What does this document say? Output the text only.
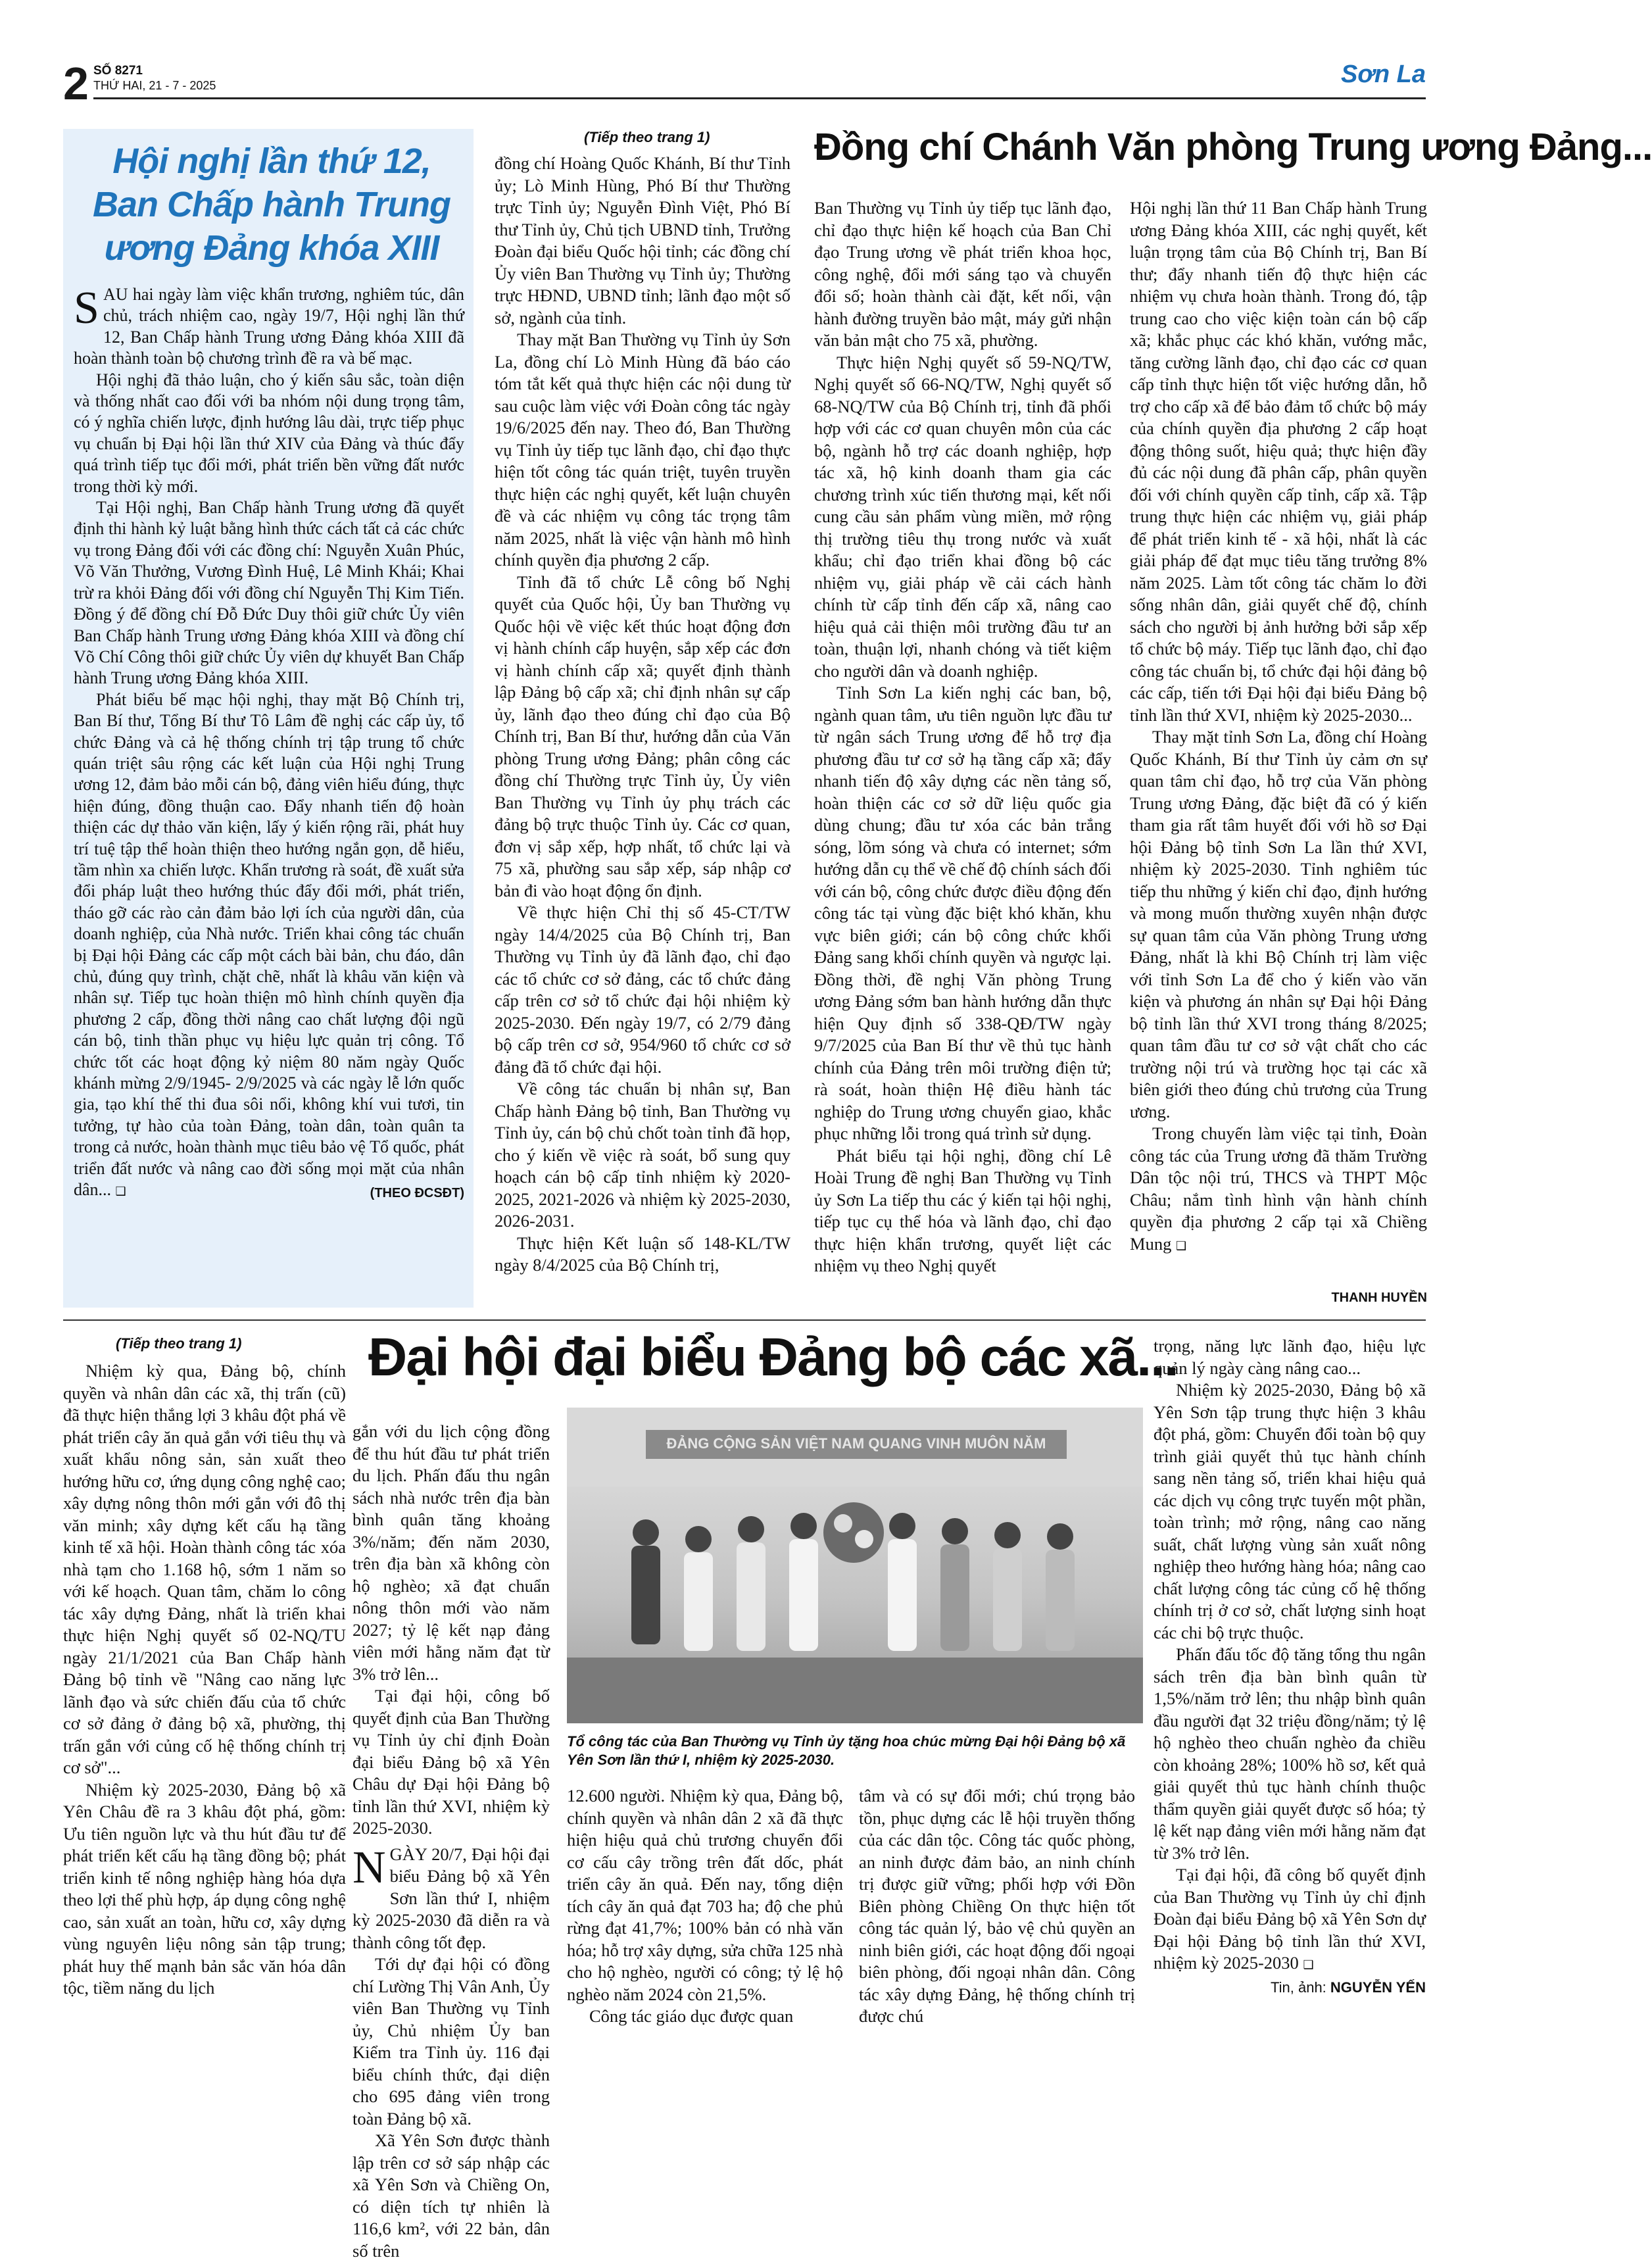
2 SỐ 8271
THỨ HAI, 21 - 7 - 2025	Sơn La
Hội nghị lần thứ 12, Ban Chấp hành Trung ương Đảng khóa XIII

SAU hai ngày làm việc khẩn trương, nghiêm túc, dân chủ, trách nhiệm cao, ngày 19/7, Hội nghị lần thứ 12, Ban Chấp hành Trung ương Đảng khóa XIII đã hoàn thành toàn bộ chương trình đề ra và bế mạc.

Hội nghị đã thảo luận, cho ý kiến sâu sắc, toàn diện và thống nhất cao đối với ba nhóm nội dung trọng tâm, có ý nghĩa chiến lược, định hướng lâu dài, trực tiếp phục vụ chuẩn bị Đại hội lần thứ XIV của Đảng và thúc đẩy quá trình tiếp tục đổi mới, phát triển bền vững đất nước trong thời kỳ mới.

Tại Hội nghị, Ban Chấp hành Trung ương đã quyết định thi hành kỷ luật bằng hình thức cách tất cả các chức vụ trong Đảng đối với các đồng chí: Nguyễn Xuân Phúc, Võ Văn Thưởng, Vương Đình Huệ, Lê Minh Khái; Khai trừ ra khỏi Đảng đối với đồng chí Nguyễn Thị Kim Tiến. Đồng ý để đồng chí Đỗ Đức Duy thôi giữ chức Ủy viên Ban Chấp hành Trung ương Đảng khóa XIII và đồng chí Võ Chí Công thôi giữ chức Ủy viên dự khuyết Ban Chấp hành Trung ương Đảng khóa XIII.

Phát biểu bế mạc hội nghị, thay mặt Bộ Chính trị, Ban Bí thư, Tổng Bí thư Tô Lâm đề nghị các cấp ủy, tổ chức Đảng và cả hệ thống chính trị tập trung tổ chức quán triệt sâu rộng các kết luận của Hội nghị Trung ương 12, đảm bảo mỗi cán bộ, đảng viên hiểu đúng, thực hiện đúng, đồng thuận cao. Đẩy nhanh tiến độ hoàn thiện các dự thảo văn kiện, lấy ý kiến rộng rãi, phát huy trí tuệ tập thể hoàn thiện theo hướng ngắn gọn, dễ hiểu, tầm nhìn xa chiến lược. Khẩn trương rà soát, đề xuất sửa đổi pháp luật theo hướng thúc đẩy đổi mới, phát triển, tháo gỡ các rào cản đảm bảo lợi ích của người dân, của doanh nghiệp, của Nhà nước. Triển khai công tác chuẩn bị Đại hội Đảng các cấp một cách bài bản, chu đáo, dân chủ, đúng quy trình, chặt chẽ, nhất là khâu văn kiện và nhân sự. Tiếp tục hoàn thiện mô hình chính quyền địa phương 2 cấp, đồng thời nâng cao chất lượng đội ngũ cán bộ, tinh thần phục vụ hiệu lực quản trị công. Tổ chức tốt các hoạt động kỷ niệm 80 năm ngày Quốc khánh mừng 2/9/1945- 2/9/2025 và các ngày lễ lớn quốc gia, tạo khí thế thi đua sôi nổi, không khí vui tươi, tin tưởng, tự hào của toàn Đảng, toàn dân, toàn quân ta trong cả nước, hoàn thành mục tiêu bảo vệ Tổ quốc, phát triển đất nước và nâng cao đời sống mọi mặt của nhân dân... ❑	(THEO ĐCSĐT)
(Tiếp theo trang 1)	Đồng chí Chánh Văn phòng Trung ương Đảng...

đồng chí Hoàng Quốc Khánh, Bí thư Tỉnh ủy; Lò Minh Hùng, Phó Bí thư Thường trực Tỉnh ủy; Nguyễn Đình Việt, Phó Bí thư Tỉnh ủy, Chủ tịch UBND tỉnh, Trưởng Đoàn đại biểu Quốc hội tỉnh; các đồng chí Ủy viên Ban Thường vụ Tỉnh ủy; Thường trực HĐND, UBND tỉnh; lãnh đạo một số sở, ngành của tỉnh.

Thay mặt Ban Thường vụ Tỉnh ủy Sơn La, đồng chí Lò Minh Hùng đã báo cáo tóm tắt kết quả thực hiện các nội dung từ sau cuộc làm việc với Đoàn công tác ngày 19/6/2025 đến nay. Theo đó, Ban Thường vụ Tỉnh ủy tiếp tục lãnh đạo, chỉ đạo thực hiện tốt công tác quán triệt, tuyên truyền thực hiện các nghị quyết, kết luận chuyên đề và các nhiệm vụ công tác trọng tâm năm 2025, nhất là việc vận hành mô hình chính quyền địa phương 2 cấp.

Tỉnh đã tổ chức Lễ công bố Nghị quyết của Quốc hội, Ủy ban Thường vụ Quốc hội về việc kết thúc hoạt động đơn vị hành chính cấp huyện, sắp xếp các đơn vị hành chính cấp xã; quyết định thành lập Đảng bộ cấp xã; chỉ định nhân sự cấp ủy, lãnh đạo theo đúng chỉ đạo của Bộ Chính trị, Ban Bí thư, hướng dẫn của Văn phòng Trung ương Đảng; phân công các đồng chí Thường trực Tỉnh ủy, Ủy viên Ban Thường vụ Tỉnh ủy phụ trách các đảng bộ trực thuộc Tỉnh ủy. Các cơ quan, đơn vị sắp xếp, hợp nhất, tổ chức lại và 75 xã, phường sau sắp xếp, sáp nhập cơ bản đi vào hoạt động ổn định.

Về thực hiện Chỉ thị số 45-CT/TW ngày 14/4/2025 của Bộ Chính trị, Ban Thường vụ Tỉnh ủy đã lãnh đạo, chỉ đạo các tổ chức cơ sở đảng, các tổ chức đảng cấp trên cơ sở tổ chức đại hội nhiệm kỳ 2025-2030. Đến ngày 19/7, có 2/79 đảng bộ cấp trên cơ sở, 954/960 tổ chức cơ sở đảng đã tổ chức đại hội.

Về công tác chuẩn bị nhân sự, Ban Chấp hành Đảng bộ tỉnh, Ban Thường vụ Tỉnh ủy, cán bộ chủ chốt toàn tỉnh đã họp, cho ý kiến về việc rà soát, bổ sung quy hoạch cán bộ cấp tỉnh nhiệm kỳ 2020-2025, 2021-2026 và nhiệm kỳ 2025-2030, 2026-2031.

Thực hiện Kết luận số 148-KL/TW ngày 8/4/2025 của Bộ Chính trị,

Ban Thường vụ Tỉnh ủy tiếp tục lãnh đạo, chỉ đạo thực hiện kế hoạch của Ban Chỉ đạo Trung ương về phát triển khoa học, công nghệ, đổi mới sáng tạo và chuyển đổi số; hoàn thành cài đặt, kết nối, vận hành đường truyền bảo mật, máy gửi nhận văn bản mật cho 75 xã, phường.

Thực hiện Nghị quyết số 59-NQ/TW, Nghị quyết số 66-NQ/TW, Nghị quyết số 68-NQ/TW của Bộ Chính trị, tỉnh đã phối hợp với các cơ quan chuyên môn của các bộ, ngành hỗ trợ các doanh nghiệp, hợp tác xã, hộ kinh doanh tham gia các chương trình xúc tiến thương mại, kết nối cung cầu sản phẩm vùng miền, mở rộng thị trường tiêu thụ trong nước và xuất khẩu; chỉ đạo triển khai đồng bộ các nhiệm vụ, giải pháp về cải cách hành chính từ cấp tỉnh đến cấp xã, nâng cao hiệu quả cải thiện môi trường đầu tư an toàn, thuận lợi, nhanh chóng và tiết kiệm cho người dân và doanh nghiệp.

Tỉnh Sơn La kiến nghị các ban, bộ, ngành quan tâm, ưu tiên nguồn lực đầu tư từ ngân sách Trung ương để hỗ trợ địa phương đầu tư cơ sở hạ tầng cấp xã; đẩy nhanh tiến độ xây dựng các nền tảng số, hoàn thiện các cơ sở dữ liệu quốc gia dùng chung; đầu tư xóa các bản trắng sóng, lõm sóng và chưa có internet; sớm hướng dẫn cụ thể về chế độ chính sách đối với cán bộ, công chức được điều động đến công tác tại vùng đặc biệt khó khăn, khu vực biên giới; cán bộ công chức khối Đảng sang khối chính quyền và ngược lại. Đồng thời, đề nghị Văn phòng Trung ương Đảng sớm ban hành hướng dẫn thực hiện Quy định số 338-QĐ/TW ngày 9/7/2025 của Ban Bí thư về thủ tục hành chính của Đảng trên môi trường điện tử; rà soát, hoàn thiện Hệ điều hành tác nghiệp do Trung ương chuyển giao, khắc phục những lỗi trong quá trình sử dụng.

Phát biểu tại hội nghị, đồng chí Lê Hoài Trung đề nghị Ban Thường vụ Tỉnh ủy Sơn La tiếp thu các ý kiến tại hội nghị, tiếp tục cụ thể hóa và lãnh đạo, chỉ đạo thực hiện khẩn trương, quyết liệt các nhiệm vụ theo Nghị quyết

Hội nghị lần thứ 11 Ban Chấp hành Trung ương Đảng khóa XIII, các nghị quyết, kết luận trọng tâm của Bộ Chính trị, Ban Bí thư; đẩy nhanh tiến độ thực hiện các nhiệm vụ chưa hoàn thành. Trong đó, tập trung cao cho việc kiện toàn cán bộ cấp xã; khắc phục các khó khăn, vướng mắc, tăng cường lãnh đạo, chỉ đạo các cơ quan cấp tỉnh thực hiện tốt việc hướng dẫn, hỗ trợ cho cấp xã để bảo đảm tổ chức bộ máy của chính quyền địa phương 2 cấp hoạt động thông suốt, hiệu quả; thực hiện đầy đủ các nội dung đã phân cấp, phân quyền đối với chính quyền cấp tỉnh, cấp xã. Tập trung thực hiện các nhiệm vụ, giải pháp để phát triển kinh tế - xã hội, nhất là các giải pháp để đạt mục tiêu tăng trưởng 8% năm 2025. Làm tốt công tác chăm lo đời sống nhân dân, giải quyết chế độ, chính sách cho người bị ảnh hưởng bởi sắp xếp tổ chức bộ máy. Tiếp tục lãnh đạo, chỉ đạo công tác chuẩn bị, tổ chức đại hội đảng bộ các cấp, tiến tới Đại hội đại biểu Đảng bộ tỉnh lần thứ XVI, nhiệm kỳ 2025-2030...

Thay mặt tỉnh Sơn La, đồng chí Hoàng Quốc Khánh, Bí thư Tỉnh ủy cảm ơn sự quan tâm chỉ đạo, hỗ trợ của Văn phòng Trung ương Đảng, đặc biệt đã có ý kiến tham gia rất tâm huyết đối với hồ sơ Đại hội Đảng bộ tỉnh Sơn La lần thứ XVI, nhiệm kỳ 2025-2030. Tỉnh nghiêm túc tiếp thu những ý kiến chỉ đạo, định hướng và mong muốn thường xuyên nhận được sự quan tâm của Văn phòng Trung ương Đảng, nhất là khi Bộ Chính trị làm việc với tỉnh Sơn La để cho ý kiến vào văn kiện và phương án nhân sự Đại hội Đảng bộ tỉnh lần thứ XVI trong tháng 8/2025; quan tâm đầu tư cơ sở vật chất cho các trường nội trú và trường học tại các xã biên giới theo đúng chủ trương của Trung ương.

Trong chuyến làm việc tại tỉnh, Đoàn công tác của Trung ương đã thăm Trường Dân tộc nội trú, THCS và THPT Mộc Châu; nắm tình hình vận hành chính quyền địa phương 2 cấp tại xã Chiềng Mung ❑

THANH HUYỀN
(Tiếp theo trang 1) Đại hội đại biểu Đảng bộ các xã...

Nhiệm kỳ qua, Đảng bộ, chính quyền và nhân dân các xã, thị trấn (cũ) đã thực hiện thắng lợi 3 khâu đột phá về phát triển cây ăn quả gắn với tiêu thụ và xuất khẩu nông sản, sản xuất theo hướng hữu cơ, ứng dụng công nghệ cao; xây dựng nông thôn mới gắn với đô thị văn minh; xây dựng kết cấu hạ tầng kinh tế xã hội. Hoàn thành công tác xóa nhà tạm cho 1.168 hộ, sớm 1 năm so với kế hoạch. Quan tâm, chăm lo công tác xây dựng Đảng, nhất là triển khai thực hiện Nghị quyết số 02-NQ/TU ngày 21/1/2021 của Ban Chấp hành Đảng bộ tỉnh về "Nâng cao năng lực lãnh đạo và sức chiến đấu của tổ chức cơ sở đảng ở đảng bộ xã, phường, thị trấn gắn với củng cố hệ thống chính trị cơ sở"...

Nhiệm kỳ 2025-2030, Đảng bộ xã Yên Châu đề ra 3 khâu đột phá, gồm: Ưu tiên nguồn lực và thu hút đầu tư để phát triển kết cấu hạ tầng đồng bộ; phát triển kinh tế nông nghiệp hàng hóa dựa theo lợi thế phù hợp, áp dụng công nghệ cao, sản xuất an toàn, hữu cơ, xây dựng vùng nguyên liệu nông sản tập trung; phát huy thế mạnh bản sắc văn hóa dân tộc, tiềm năng du lịch

gắn với du lịch cộng đồng để thu hút đầu tư phát triển du lịch. Phấn đấu thu ngân sách nhà nước trên địa bàn bình quân tăng khoảng 3%/năm; đến năm 2030, trên địa bàn xã không còn hộ nghèo; xã đạt chuẩn nông thôn mới vào năm 2027; tỷ lệ kết nạp đảng viên mới hằng năm đạt từ 3% trở lên...

Tại đại hội, công bố quyết định của Ban Thường vụ Tỉnh ủy chỉ định Đoàn đại biểu Đảng bộ xã Yên Châu dự Đại hội Đảng bộ tỉnh lần thứ XVI, nhiệm kỳ 2025-2030.

NGÀY 20/7, Đại hội đại biểu Đảng bộ xã Yên Sơn lần thứ I, nhiệm kỳ 2025-2030 đã diễn ra và thành công tốt đẹp.

Tới dự đại hội có đồng chí Lường Thị Vân Anh, Ủy viên Ban Thường vụ Tỉnh ủy, Chủ nhiệm Ủy ban Kiểm tra Tỉnh ủy. 116 đại biểu chính thức, đại diện cho 695 đảng viên trong toàn Đảng bộ xã.

Xã Yên Sơn được thành lập trên cơ sở sáp nhập các xã Yên Sơn và Chiềng On, có diện tích tự nhiên là 116,6 km², với 22 bản, dân số trên

ĐẢNG CỘNG SẢN VIỆT NAM QUANG VINH MUÔN NĂM
Tổ công tác của Ban Thường vụ Tỉnh ủy tặng hoa chúc mừng Đại hội Đảng bộ xã Yên Sơn lần thứ I, nhiệm kỳ 2025-2030.

12.600 người. Nhiệm kỳ qua, Đảng bộ, chính quyền và nhân dân 2 xã đã thực hiện hiệu quả chủ trương chuyển đổi cơ cấu cây trồng trên đất dốc, phát triển cây ăn quả. Đến nay, tổng diện tích cây ăn quả đạt 703 ha; độ che phủ rừng đạt 41,7%; 100% bản có nhà văn hóa; hỗ trợ xây dựng, sửa chữa 125 nhà cho hộ nghèo, người có công; tỷ lệ hộ nghèo năm 2024 còn 21,5%.

Công tác giáo dục được quan

tâm và có sự đổi mới; chú trọng bảo tồn, phục dựng các lễ hội truyền thống của các dân tộc. Công tác quốc phòng, an ninh được đảm bảo, an ninh chính trị được giữ vững; phối hợp với Đồn Biên phòng Chiềng On thực hiện tốt công tác quản lý, bảo vệ chủ quyền an ninh biên giới, các hoạt động đối ngoại biên phòng, đối ngoại nhân dân. Công tác xây dựng Đảng, hệ thống chính trị được chú

trọng, năng lực lãnh đạo, hiệu lực quản lý ngày càng nâng cao...

Nhiệm kỳ 2025-2030, Đảng bộ xã Yên Sơn tập trung thực hiện 3 khâu đột phá, gồm: Chuyển đổi toàn bộ quy trình giải quyết thủ tục hành chính sang nền tảng số, triển khai hiệu quả các dịch vụ công trực tuyến một phần, toàn trình; mở rộng, nâng cao năng suất, chất lượng vùng sản xuất nông nghiệp theo hướng hàng hóa; nâng cao chất lượng công tác củng cố hệ thống chính trị ở cơ sở, chất lượng sinh hoạt các chi bộ trực thuộc.

Phấn đấu tốc độ tăng tổng thu ngân sách trên địa bàn bình quân từ 1,5%/năm trở lên; thu nhập bình quân đầu người đạt 32 triệu đồng/năm; tỷ lệ hộ nghèo theo chuẩn nghèo đa chiều còn khoảng 28%; 100% hồ sơ, kết quả giải quyết thủ tục hành chính thuộc thẩm quyền giải quyết được số hóa; tỷ lệ kết nạp đảng viên mới hằng năm đạt từ 3% trở lên.

Tại đại hội, đã công bố quyết định của Ban Thường vụ Tỉnh ủy chỉ định Đoàn đại biểu Đảng bộ xã Yên Sơn dự Đại hội Đảng bộ tỉnh lần thứ XVI, nhiệm kỳ 2025-2030 ❑

Tin, ảnh: NGUYỄN YẾN
